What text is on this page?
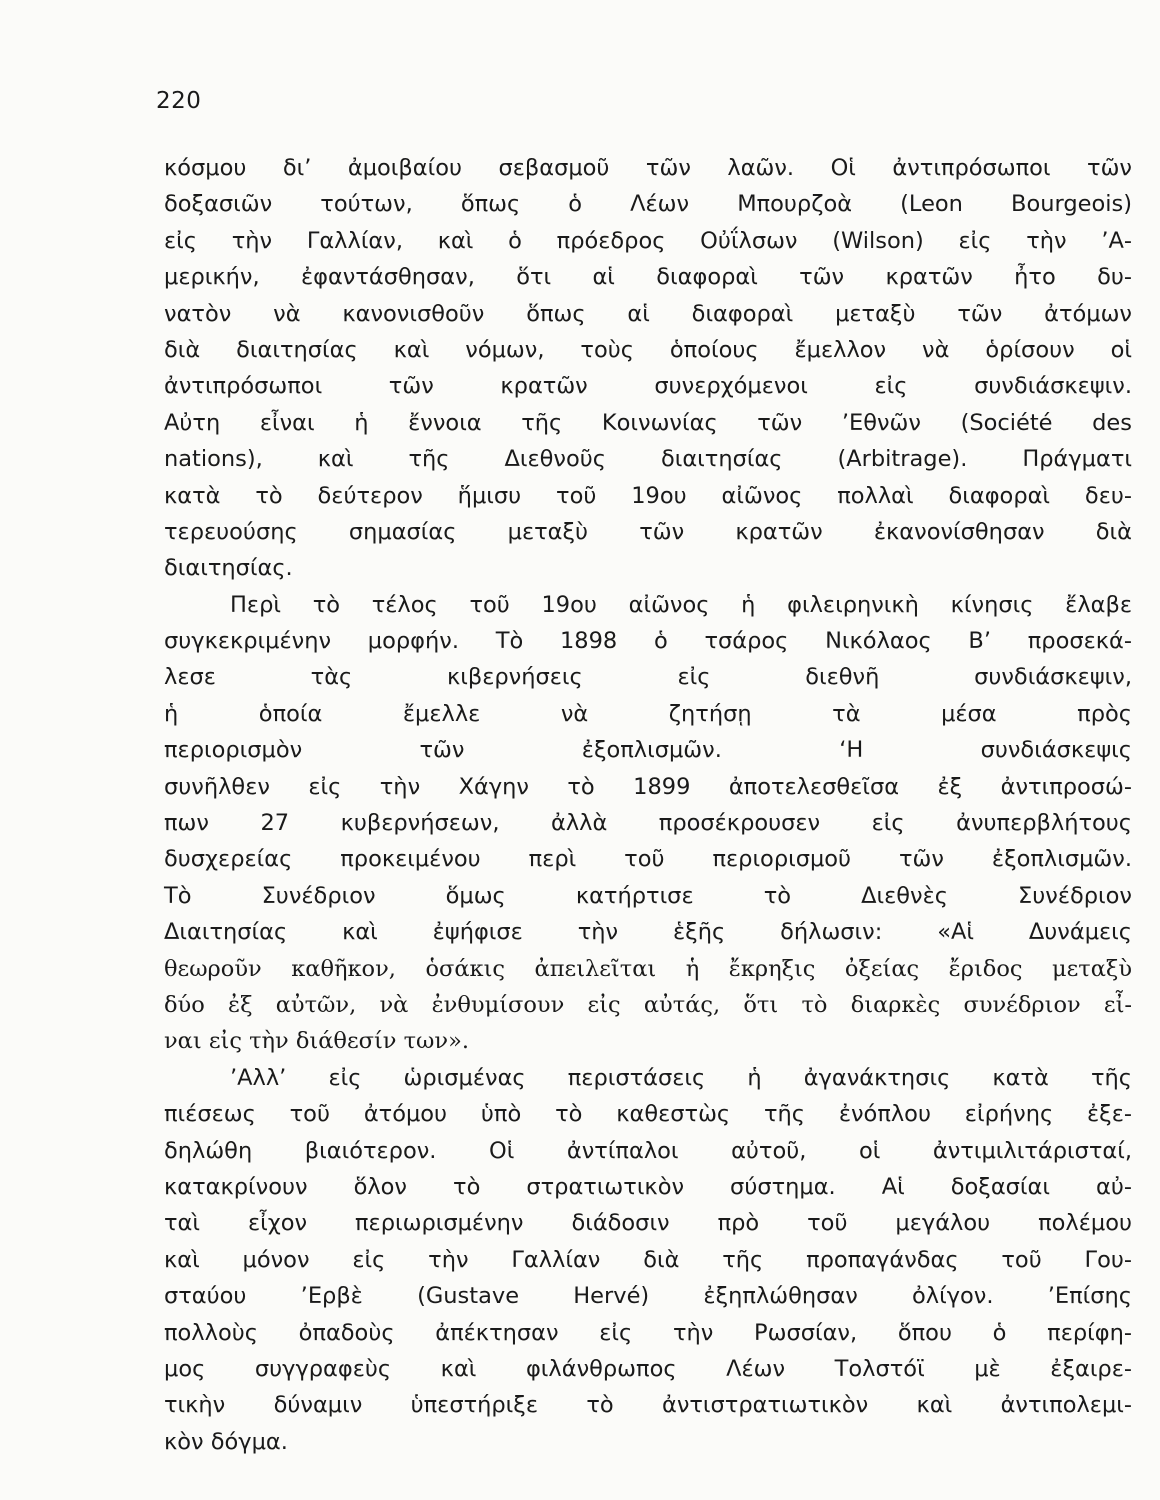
220
κόσμου δι’ ἀμοιβαίου σεβασμοῦ τῶν λαῶν. Οἱ ἀντιπρόσωποι τῶν
δοξασιῶν τούτων, ὅπως ὁ Λέων Μπουρζοὰ (Leon Bourgeois)
εἰς τὴν Γαλλίαν, καὶ ὁ πρόεδρος Οὐΐλσων (Wilson) εἰς τὴν ’Α-
μερικήν, ἐφαντάσθησαν, ὅτι αἱ διαφοραὶ τῶν κρατῶν ἦτο δυ-
νατὸν νὰ κανονισθοῦν ὅπως αἱ διαφοραὶ μεταξὺ τῶν ἀτόμων
διὰ διαιτησίας καὶ νόμων, τοὺς ὁποίους ἔμελλον νὰ ὁρίσουν οἱ
ἀντιπρόσωποι τῶν κρατῶν συνερχόμενοι εἰς συνδιάσκεψιν.
Αὐτη εἶναι ἡ ἔννοια τῆς Κοινωνίας τῶν ’Εθνῶν (Société des
nations), καὶ τῆς Διεθνοῦς διαιτησίας (Arbitrage). Πράγματι
κατὰ τὸ δεύτερον ἥμισυ τοῦ 19ου αἰῶνος πολλαὶ διαφοραὶ δευ-
τερευούσης σημασίας μεταξὺ τῶν κρατῶν ἐκανονίσθησαν διὰ
διαιτησίας.
Περὶ τὸ τέλος τοῦ 19ου αἰῶνος ἡ φιλειρηνικὴ κίνησις ἔλαβε
συγκεκριμένην μορφήν. Τὸ 1898 ὁ τσάρος Νικόλαος Β’ προσεκά-
λεσε τὰς κιβερνήσεις εἰς διεθνῆ συνδιάσκεψιν,
ἡ ὁποία ἔμελλε νὰ ζητήσῃ τὰ μέσα πρὸς
περιορισμὸν τῶν ἐξοπλισμῶν. ‘Η συνδιάσκεψις
συνῆλθεν εἰς τὴν Χάγην τὸ 1899 ἀποτελεσθεῖσα ἐξ ἀντιπροσώ-
πων 27 κυβερνήσεων, ἀλλὰ προσέκρουσεν εἰς ἀνυπερβλήτους
δυσχερείας προκειμένου περὶ τοῦ περιορισμοῦ τῶν ἐξοπλισμῶν.
Τὸ Συνέδριον ὅμως κατήρτισε τὸ Διεθνὲς Συνέδριον
Διαιτησίας καὶ ἐψήφισε τὴν ἑξῆς δήλωσιν: «Αἱ Δυνάμεις
θεωροῦν καθῆκον, ὁσάκις ἀπειλεῖται ἡ ἔκρηξις ὀξείας ἔριδος μεταξὺ
δύο ἐξ αὐτῶν, νὰ ἐνθυμίσουν εἰς αὐτάς, ὅτι τὸ διαρκὲς συνέδριον εἶ-
ναι εἰς τὴν διάθεσίν των».
’Αλλ’ εἰς ὡρισμένας περιστάσεις ἡ ἀγανάκτησις κατὰ τῆς
πιέσεως τοῦ ἀτόμου ὑπὸ τὸ καθεστὼς τῆς ἐνόπλου εἰρήνης ἐξε-
δηλώθη βιαιότερον. Οἱ ἀντίπαλοι αὐτοῦ, οἱ ἀντιμιλιτάρισταί,
κατακρίνουν ὅλον τὸ στρατιωτικὸν σύστημα. Αἱ δοξασίαι αὐ-
ταὶ εἶχον περιωρισμένην διάδοσιν πρὸ τοῦ μεγάλου πολέμου
καὶ μόνον εἰς τὴν Γαλλίαν διὰ τῆς προπαγάνδας τοῦ Γου-
σταύου ’Ερβὲ (Gustave Hervé) ἐξηπλώθησαν ὀλίγον. ’Επίσης
πολλοὺς ὀπαδοὺς ἀπέκτησαν εἰς τὴν Ρωσσίαν, ὅπου ὁ περίφη-
μος συγγραφεὺς καὶ φιλάνθρωπος Λέων Τολστόϊ μὲ ἐξαιρε-
τικὴν δύναμιν ὑπεστήριξε τὸ ἀντιστρατιωτικὸν καὶ ἀντιπολεμι-
κὸν δόγμα.
